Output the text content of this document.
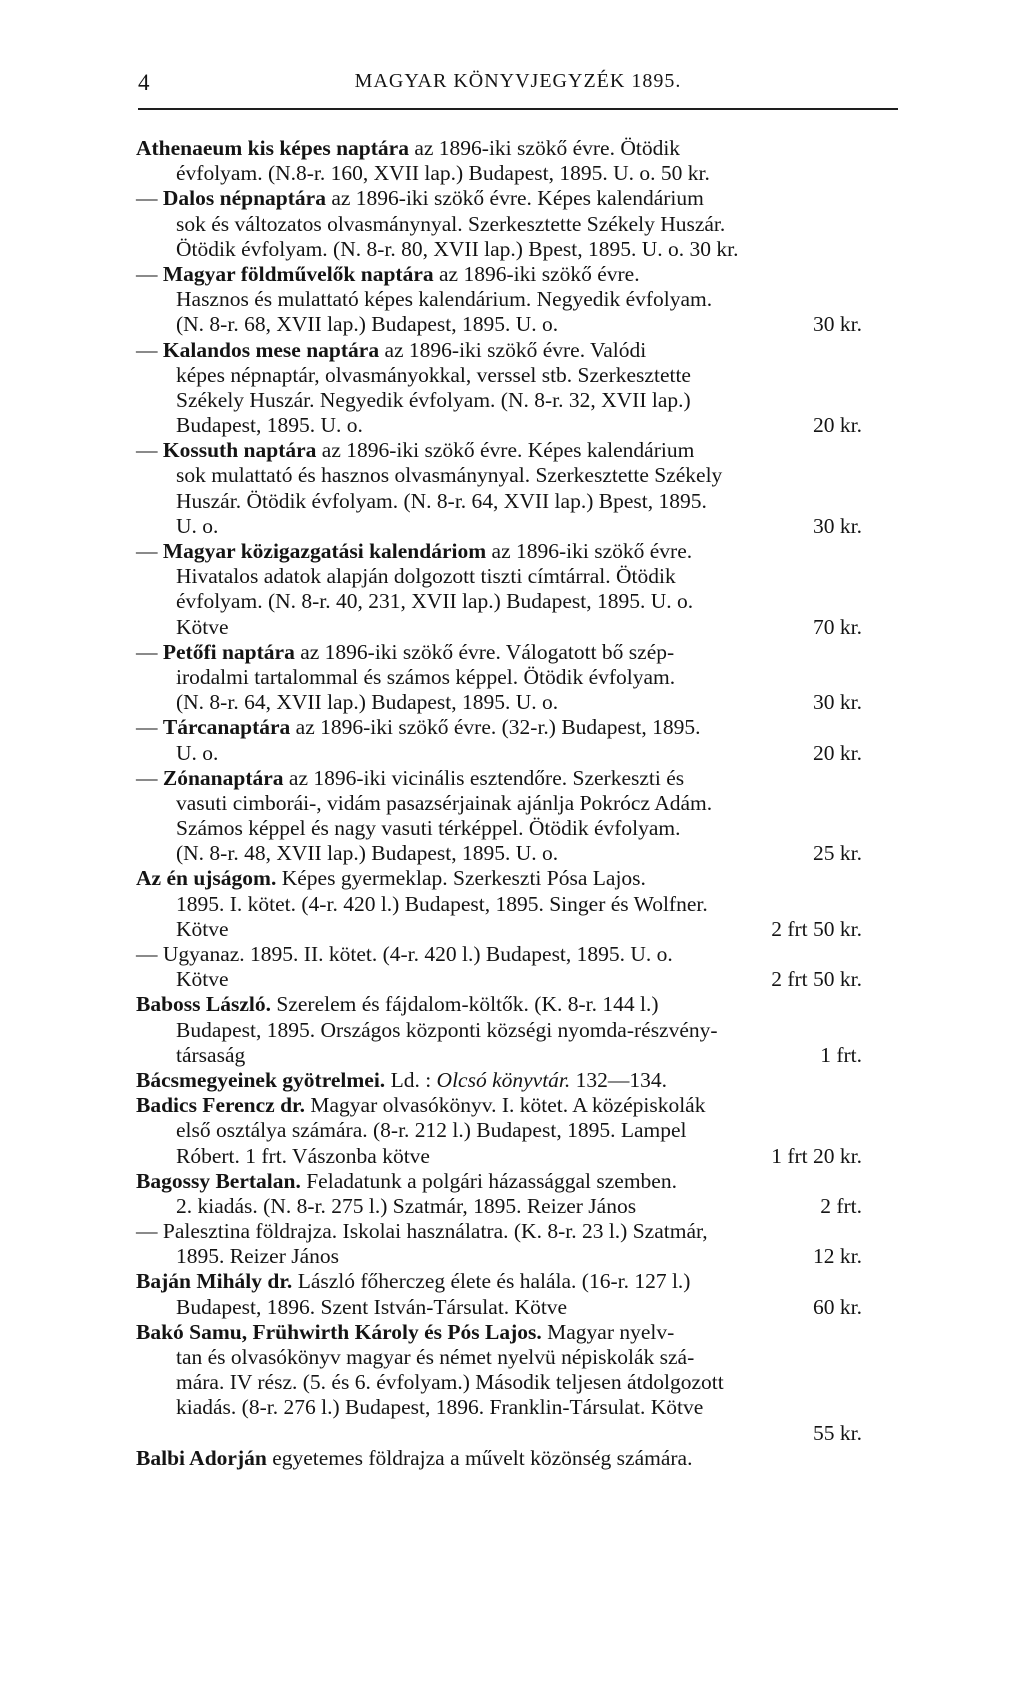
4	MAGYAR KÖNYVJEGYZÉK 1895.
Athenaeum kis képes naptára az 1896-iki szökő évre. Ötödik
évfolyam. (N.8-r. 160, XVII lap.) Budapest, 1895. U. o. 50 kr.
— Dalos népnaptára az 1896-iki szökő évre. Képes kalendárium
sok és változatos olvasmánynyal. Szerkesztette Székely Huszár.
Ötödik évfolyam. (N. 8-r. 80, XVII lap.) Bpest, 1895. U. o. 30 kr.
— Magyar földművelők naptára az 1896-iki szökő évre.
Hasznos és mulattató képes kalendárium. Negyedik évfolyam.
(N. 8-r. 68, XVII lap.) Budapest, 1895. U. o.	30 kr.
— Kalandos mese naptára az 1896-iki szökő évre. Valódi
képes népnaptár, olvasmányokkal, verssel stb. Szerkesztette
Székely Huszár. Negyedik évfolyam. (N. 8-r. 32, XVII lap.)
Budapest, 1895. U. o.	20 kr.
— Kossuth naptára az 1896-iki szökő évre. Képes kalendárium
sok mulattató és hasznos olvasmánynyal. Szerkesztette Székely
Huszár. Ötödik évfolyam. (N. 8-r. 64, XVII lap.) Bpest, 1895.
U. o.	30 kr.
— Magyar közigazgatási kalendáriom az 1896-iki szökő évre.
Hivatalos adatok alapján dolgozott tiszti címtárral. Ötödik
évfolyam. (N. 8-r. 40, 231, XVII lap.) Budapest, 1895. U. o.
Kötve	70 kr.
— Petőfi naptára az 1896-iki szökő évre. Válogatott bő szép-
irodalmi tartalommal és számos képpel. Ötödik évfolyam.
(N. 8-r. 64, XVII lap.) Budapest, 1895. U. o.	30 kr.
— Tárcanaptára az 1896-iki szökő évre. (32-r.) Budapest, 1895.
U. o.	20 kr.
— Zónanaptára az 1896-iki vicinális esztendőre. Szerkeszti és
vasuti cimborái-, vidám pasazsérjainak ajánlja Pokrócz Adám.
Számos képpel és nagy vasuti térképpel. Ötödik évfolyam.
(N. 8-r. 48, XVII lap.) Budapest, 1895. U. o.	25 kr.
Az én ujságom. Képes gyermeklap. Szerkeszti Pósa Lajos.
1895. I. kötet. (4-r. 420 l.) Budapest, 1895. Singer és Wolfner.
Kötve	2 frt 50 kr.
— Ugyanaz. 1895. II. kötet. (4-r. 420 l.) Budapest, 1895. U. o.
Kötve	2 frt 50 kr.
Baboss László. Szerelem és fájdalom-költők. (K. 8-r. 144 l.)
Budapest, 1895. Országos központi községi nyomda-részvény-
társaság	1 frt.
Bácsmegyeinek gyötrelmei. Ld. : Olcsó könyvtár. 132—134.
Badics Ferencz dr. Magyar olvasókönyv. I. kötet. A középiskolák
első osztálya számára. (8-r. 212 l.) Budapest, 1895. Lampel
Róbert. 1 frt. Vászonba kötve	1 frt 20 kr.
Bagossy Bertalan. Feladatunk a polgári házassággal szemben.
2. kiadás. (N. 8-r. 275 l.) Szatmár, 1895. Reizer János	2 frt.
— Palesztina földrajza. Iskolai használatra. (K. 8-r. 23 l.) Szatmár,
1895. Reizer János	12 kr.
Baján Mihály dr. László főherczeg élete és halála. (16-r. 127 l.)
Budapest, 1896. Szent István-Társulat. Kötve	60 kr.
Bakó Samu, Frühwirth Károly és Pós Lajos. Magyar nyelv-
tan és olvasókönyv magyar és német nyelvü népiskolák szá-
mára. IV rész. (5. és 6. évfolyam.) Második teljesen átdolgozott
kiadás. (8-r. 276 l.) Budapest, 1896. Franklin-Társulat. Kötve
55 kr.
Balbi Adorján egyetemes földrajza a művelt közönség számára.
